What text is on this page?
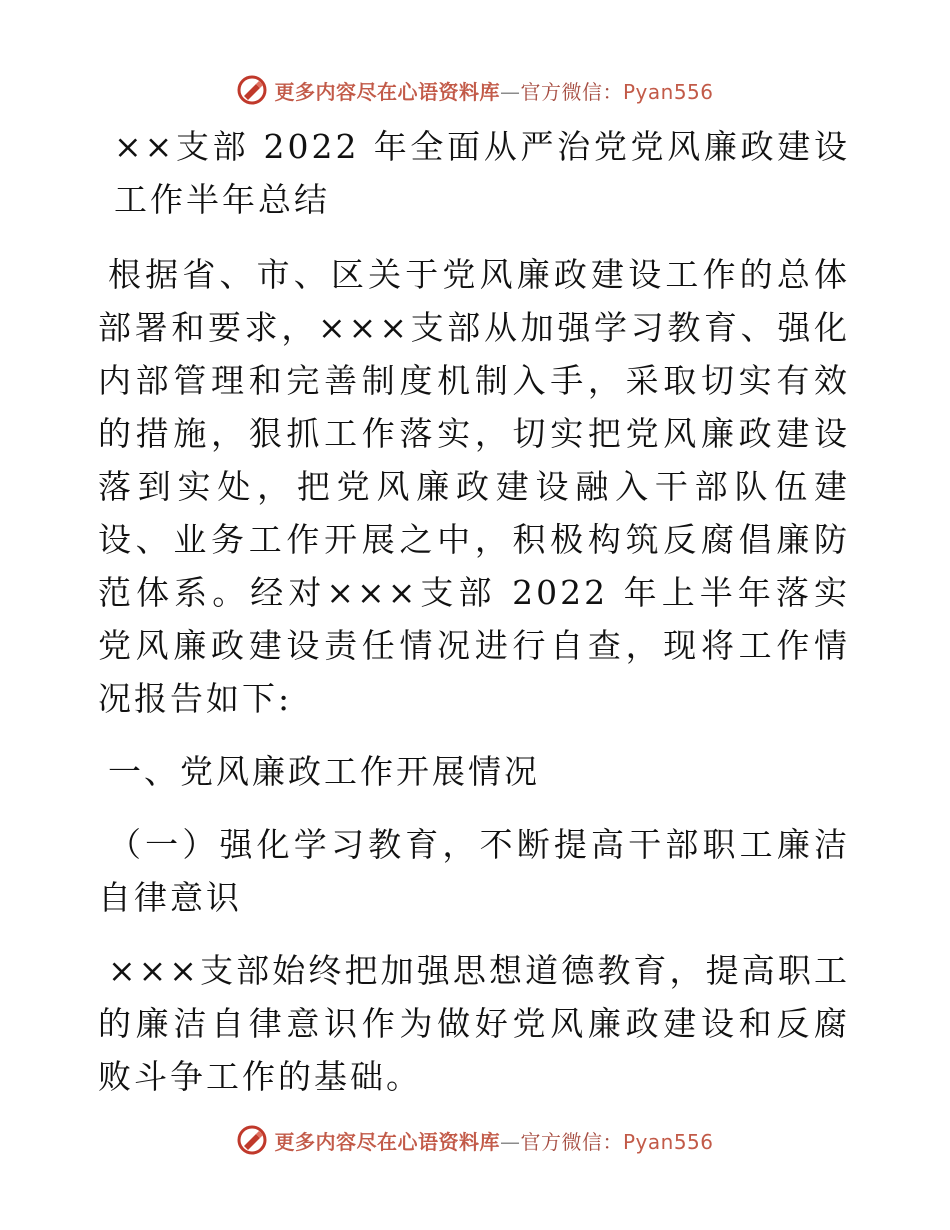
更多内容尽在心语资料库—官方微信：Pyan556

××支部 2022 年全面从严治党党风廉政建设工作半年总结

根据省、市、区关于党风廉政建设工作的总体部署和要求，×××支部从加强学习教育、强化内部管理和完善制度机制入手，采取切实有效的措施，狠抓工作落实，切实把党风廉政建设落到实处，把党风廉政建设融入干部队伍建设、业务工作开展之中，积极构筑反腐倡廉防范体系。经对×××支部 2022 年上半年落实党风廉政建设责任情况进行自查，现将工作情况报告如下:

一、党风廉政工作开展情况

（一）强化学习教育，不断提高干部职工廉洁自律意识

×××支部始终把加强思想道德教育，提高职工的廉洁自律意识作为做好党风廉政建设和反腐败斗争工作的基础。

更多内容尽在心语资料库—官方微信：Pyan556
